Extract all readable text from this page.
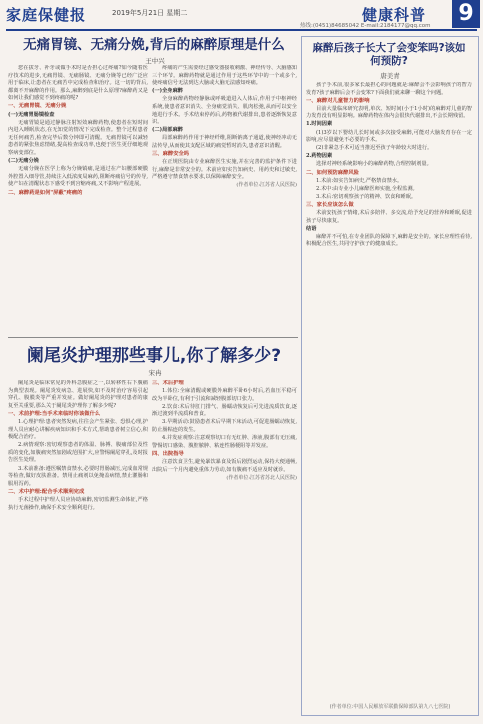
家庭保健报	2019年5月21日 星期二
热线:(0451)84685042 E-mail:2184177@qq.com
健康科普 9
无痛胃镜、无痛分娩,背后的麻醉原理是什么
王中兴

您在拔牙、补牙或做手术时是否担心过疼痛?如今随着医疗技术的进步,无痛胃镜、无痛肠镜、无痛分娩等已经广泛应用于临床,让患者在无痛苦中完成检查和治疗。这一切的背后,都离不开麻醉的作用。那么,麻醉到底是什么原理?麻醉药又是如何让我们感觉不到疼痛的呢?

一、无痛胃镜、无痛分娩

(一)无痛胃肠镜检查

无痛胃镜是通过静脉注射短效麻醉药物,使患者在短时间内进入睡眠状态,在无知觉的情况下完成检查。整个过程患者无任何痛苦,检查完毕后数分钟即可清醒。无痛胃镜可以减轻患者的紧张焦虑情绪,提高检查成功率,也便于医生更仔细地观察病变部位。

(二)无痛分娩

无痛分娩在医学上称为分娩镇痛,是通过在产妇腰部硬膜外腔置入细导管,持续注入低浓度局麻药,阻断疼痛信号的传导,使产妇在清醒状态下感受不到宫缩疼痛,又不影响产程进展。

二、麻醉药是如何"屏蔽"疼痛的

疼痛的产生需要经过感受器接收刺激、神经传导、大脑感知三个环节。麻醉药物就是通过作用于这些环节中的一个或多个,使疼痛信号无法到达大脑或大脑无法感知疼痛。

(一)全身麻醉

全身麻醉药物经静脉或呼吸道进入人体后,作用于中枢神经系统,使患者意识消失、全身痛觉消失、肌肉松弛,从而可以安全地进行手术。手术结束停药后,药物被代谢排出,患者逐渐恢复意识。

(二)局部麻醉

局部麻醉药作用于神经纤维,阻断钠离子通道,使神经冲动无法传导,从而使其支配区域的痛觉暂时消失,患者意识清醒。

三、麻醉安全吗

在正规医院由专业麻醉医生实施,并在完善的监护条件下进行,麻醉是非常安全的。术前应如实告知病史、用药史和过敏史,严格遵守禁食禁水要求,以保障麻醉安全。

(作者单位:江苏省人民医院)

阑尾炎护理那些事儿,你了解多少?
宋冉

阑尾炎是临床常见的外科急腹症之一,以转移性右下腹痛为典型表现。阑尾炎发病急、进展快,如不及时治疗容易引起穿孔、腹膜炎等严重并发症。做好阑尾炎的护理对患者的康复至关重要,那么关于阑尾炎护理你了解多少呢?

一、术前护理:当手术来临时你该做什么

1.心理护理:患者突然发病,往往会产生紧张、恐惧心理,护理人员应耐心讲解疾病知识和手术方式,帮助患者树立信心,积极配合治疗。

2.病情观察:密切观察患者的体温、脉搏、腹痛部位及性质的变化,如腹痛突然加剧或范围扩大,应警惕阑尾穿孔,及时报告医生处理。

3.术前准备:遵医嘱禁食禁水,必要时胃肠减压,完成血常规等检查,做好皮肤准备。禁用止痛剂以免掩盖病情,禁止灌肠和服用泻药。

二、术中护理:配合手术顺利完成

手术过程中护理人员应协助麻醉,密切监测生命体征,严格执行无菌操作,确保手术安全顺利进行。

三、术后护理

1.体位:全麻清醒或硬膜外麻醉平卧6小时后,若血压平稳可改为半卧位,有利于引流和减轻腹部切口张力。

2.饮食:术后待肛门排气、肠蠕动恢复后可先进流质饮食,逐渐过渡到半流质和普食。

3.早期活动:鼓励患者术后早期下床活动,可促进肠蠕动恢复,防止肠粘连的发生。

4.并发症观察:注意观察切口有无红肿、渗液,腹部有无压痛,警惕切口感染、腹腔脓肿、粘连性肠梗阻等并发症。

四、出院指导

注意饮食卫生,避免暴饮暴食及饭后剧烈运动,保持大便通畅,出院后一个月内避免重体力劳动,如有腹痛不适应及时就诊。

(作者单位:江苏省苏北人民医院)

麻醉后孩子长大了会变笨吗?该如何预防?
唐美青

孩子手术前,很多家长最担心的问题就是:麻醉会不会影响孩子的智力发育?孩子麻醉后会不会变笨?下面我们就来聊一聊这个问题。

一、麻醉对儿童智力的影响

目前大量临床研究表明,单次、短时间(小于1小时)的麻醉对儿童的智力发育没有明显影响。麻醉药物在体内会很快代谢排出,不会长期残留。

1.时间因素

(1)3岁以下婴幼儿长时间或多次接受麻醉,可能对大脑发育存在一定影响,应尽量避免不必要的手术。

(2)非紧急手术可适当推迟至孩子年龄较大时进行。

2.药物因素

选择对神经系统影响小的麻醉药物,合理控制剂量。

二、如何预防麻醉风险

1.术前:如实告知病史,严格禁食禁水。

2.术中:由专业小儿麻醉医师实施,全程监测。

3.术后:密切观察孩子的精神、饮食和睡眠。

三、家长应该怎么做

术前安抚孩子情绪,术后多陪伴、多交流,给予充足的营养和睡眠,促进孩子尽快康复。

结语

麻醉并不可怕,在专业团队的保障下,麻醉是安全的。家长应理性看待,积极配合医生,共同守护孩子的健康成长。

(作者单位:中国人民解放军联勤保障部队第九八七医院)
